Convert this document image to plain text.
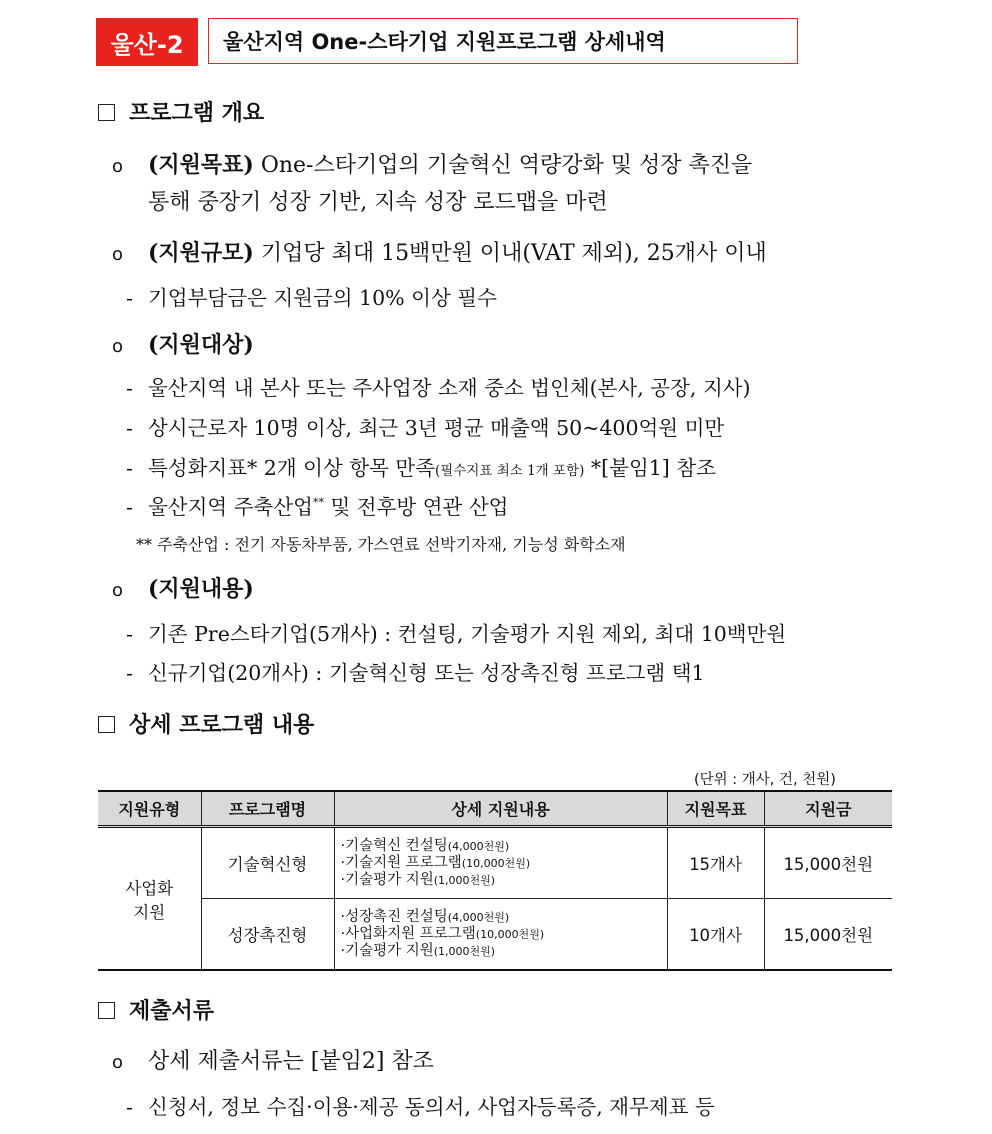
울산-2	울산지역 One-스타기업 지원프로그램 상세내역
프로그램 개요
o (지원목표) One-스타기업의 기술혁신 역량강화 및 성장 촉진을
통해 중장기 성장 기반, 지속 성장 로드맵을 마련
o (지원규모) 기업당 최대 15백만원 이내(VAT 제외), 25개사 이내
- 기업부담금은 지원금의 10% 이상 필수
o (지원대상)
- 울산지역 내 본사 또는 주사업장 소재 중소 법인체(본사, 공장, 지사)
- 상시근로자 10명 이상, 최근 3년 평균 매출액 50~400억원 미만
- 특성화지표* 2개 이상 항목 만족(필수지표 최소 1개 포함) *[붙임1] 참조
- 울산지역 주축산업** 및 전후방 연관 산업
** 주축산업 : 전기 자동차부품, 가스연료 선박기자재, 기능성 화학소재
o (지원내용)
- 기존 Pre스타기업(5개사) : 컨설팅, 기술평가 지원 제외, 최대 10백만원
- 신규기업(20개사) : 기술혁신형 또는 성장촉진형 프로그램 택1
상세 프로그램 내용
(단위 : 개사, 건, 천원)
지원유형	프로그램명	상세 지원내용	지원목표	지원금
사업화 지원	기술혁신형	·기술혁신 컨설팅(4,000천원)
·기술지원 프로그램(10,000천원)
·기술평가 지원(1,000천원)	15개사	15,000천원
	성장촉진형	·성장촉진 컨설팅(4,000천원)
·사업화지원 프로그램(10,000천원)
·기술평가 지원(1,000천원)	10개사	15,000천원
제출서류
o 상세 제출서류는 [붙임2] 참조
- 신청서, 정보 수집·이용·제공 동의서, 사업자등록증, 재무제표 등
